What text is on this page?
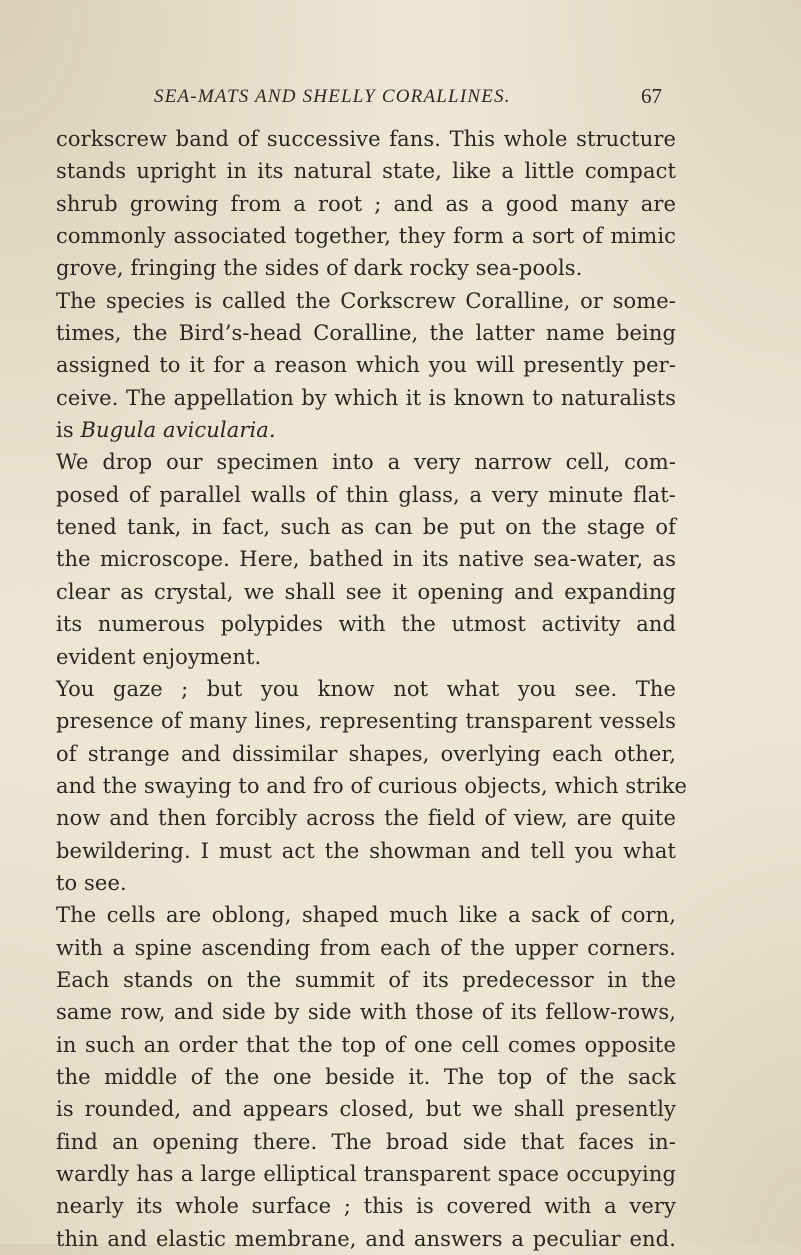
SEA-MATS AND SHELLY CORALLINES.	67
corkscrew band of successive fans. This whole structure
stands upright in its natural state, like a little compact
shrub growing from a root ; and as a good many are
commonly associated together, they form a sort of mimic
grove, fringing the sides of dark rocky sea-pools.
The species is called the Corkscrew Coralline, or some-
times, the Bird’s-head Coralline, the latter name being
assigned to it for a reason which you will presently per-
ceive. The appellation by which it is known to naturalists
is Bugula avicularia.
We drop our specimen into a very narrow cell, com-
posed of parallel walls of thin glass, a very minute flat-
tened tank, in fact, such as can be put on the stage of
the microscope. Here, bathed in its native sea-water, as
clear as crystal, we shall see it opening and expanding
its numerous polypides with the utmost activity and
evident enjoyment.
You gaze ; but you know not what you see. The
presence of many lines, representing transparent vessels
of strange and dissimilar shapes, overlying each other,
and the swaying to and fro of curious objects, which strike
now and then forcibly across the field of view, are quite
bewildering. I must act the showman and tell you what
to see.
The cells are oblong, shaped much like a sack of corn,
with a spine ascending from each of the upper corners.
Each stands on the summit of its predecessor in the
same row, and side by side with those of its fellow-rows,
in such an order that the top of one cell comes opposite
the middle of the one beside it. The top of the sack
is rounded, and appears closed, but we shall presently
find an opening there. The broad side that faces in-
wardly has a large elliptical transparent space occupying
nearly its whole surface ; this is covered with a very
thin and elastic membrane, and answers a peculiar end.
